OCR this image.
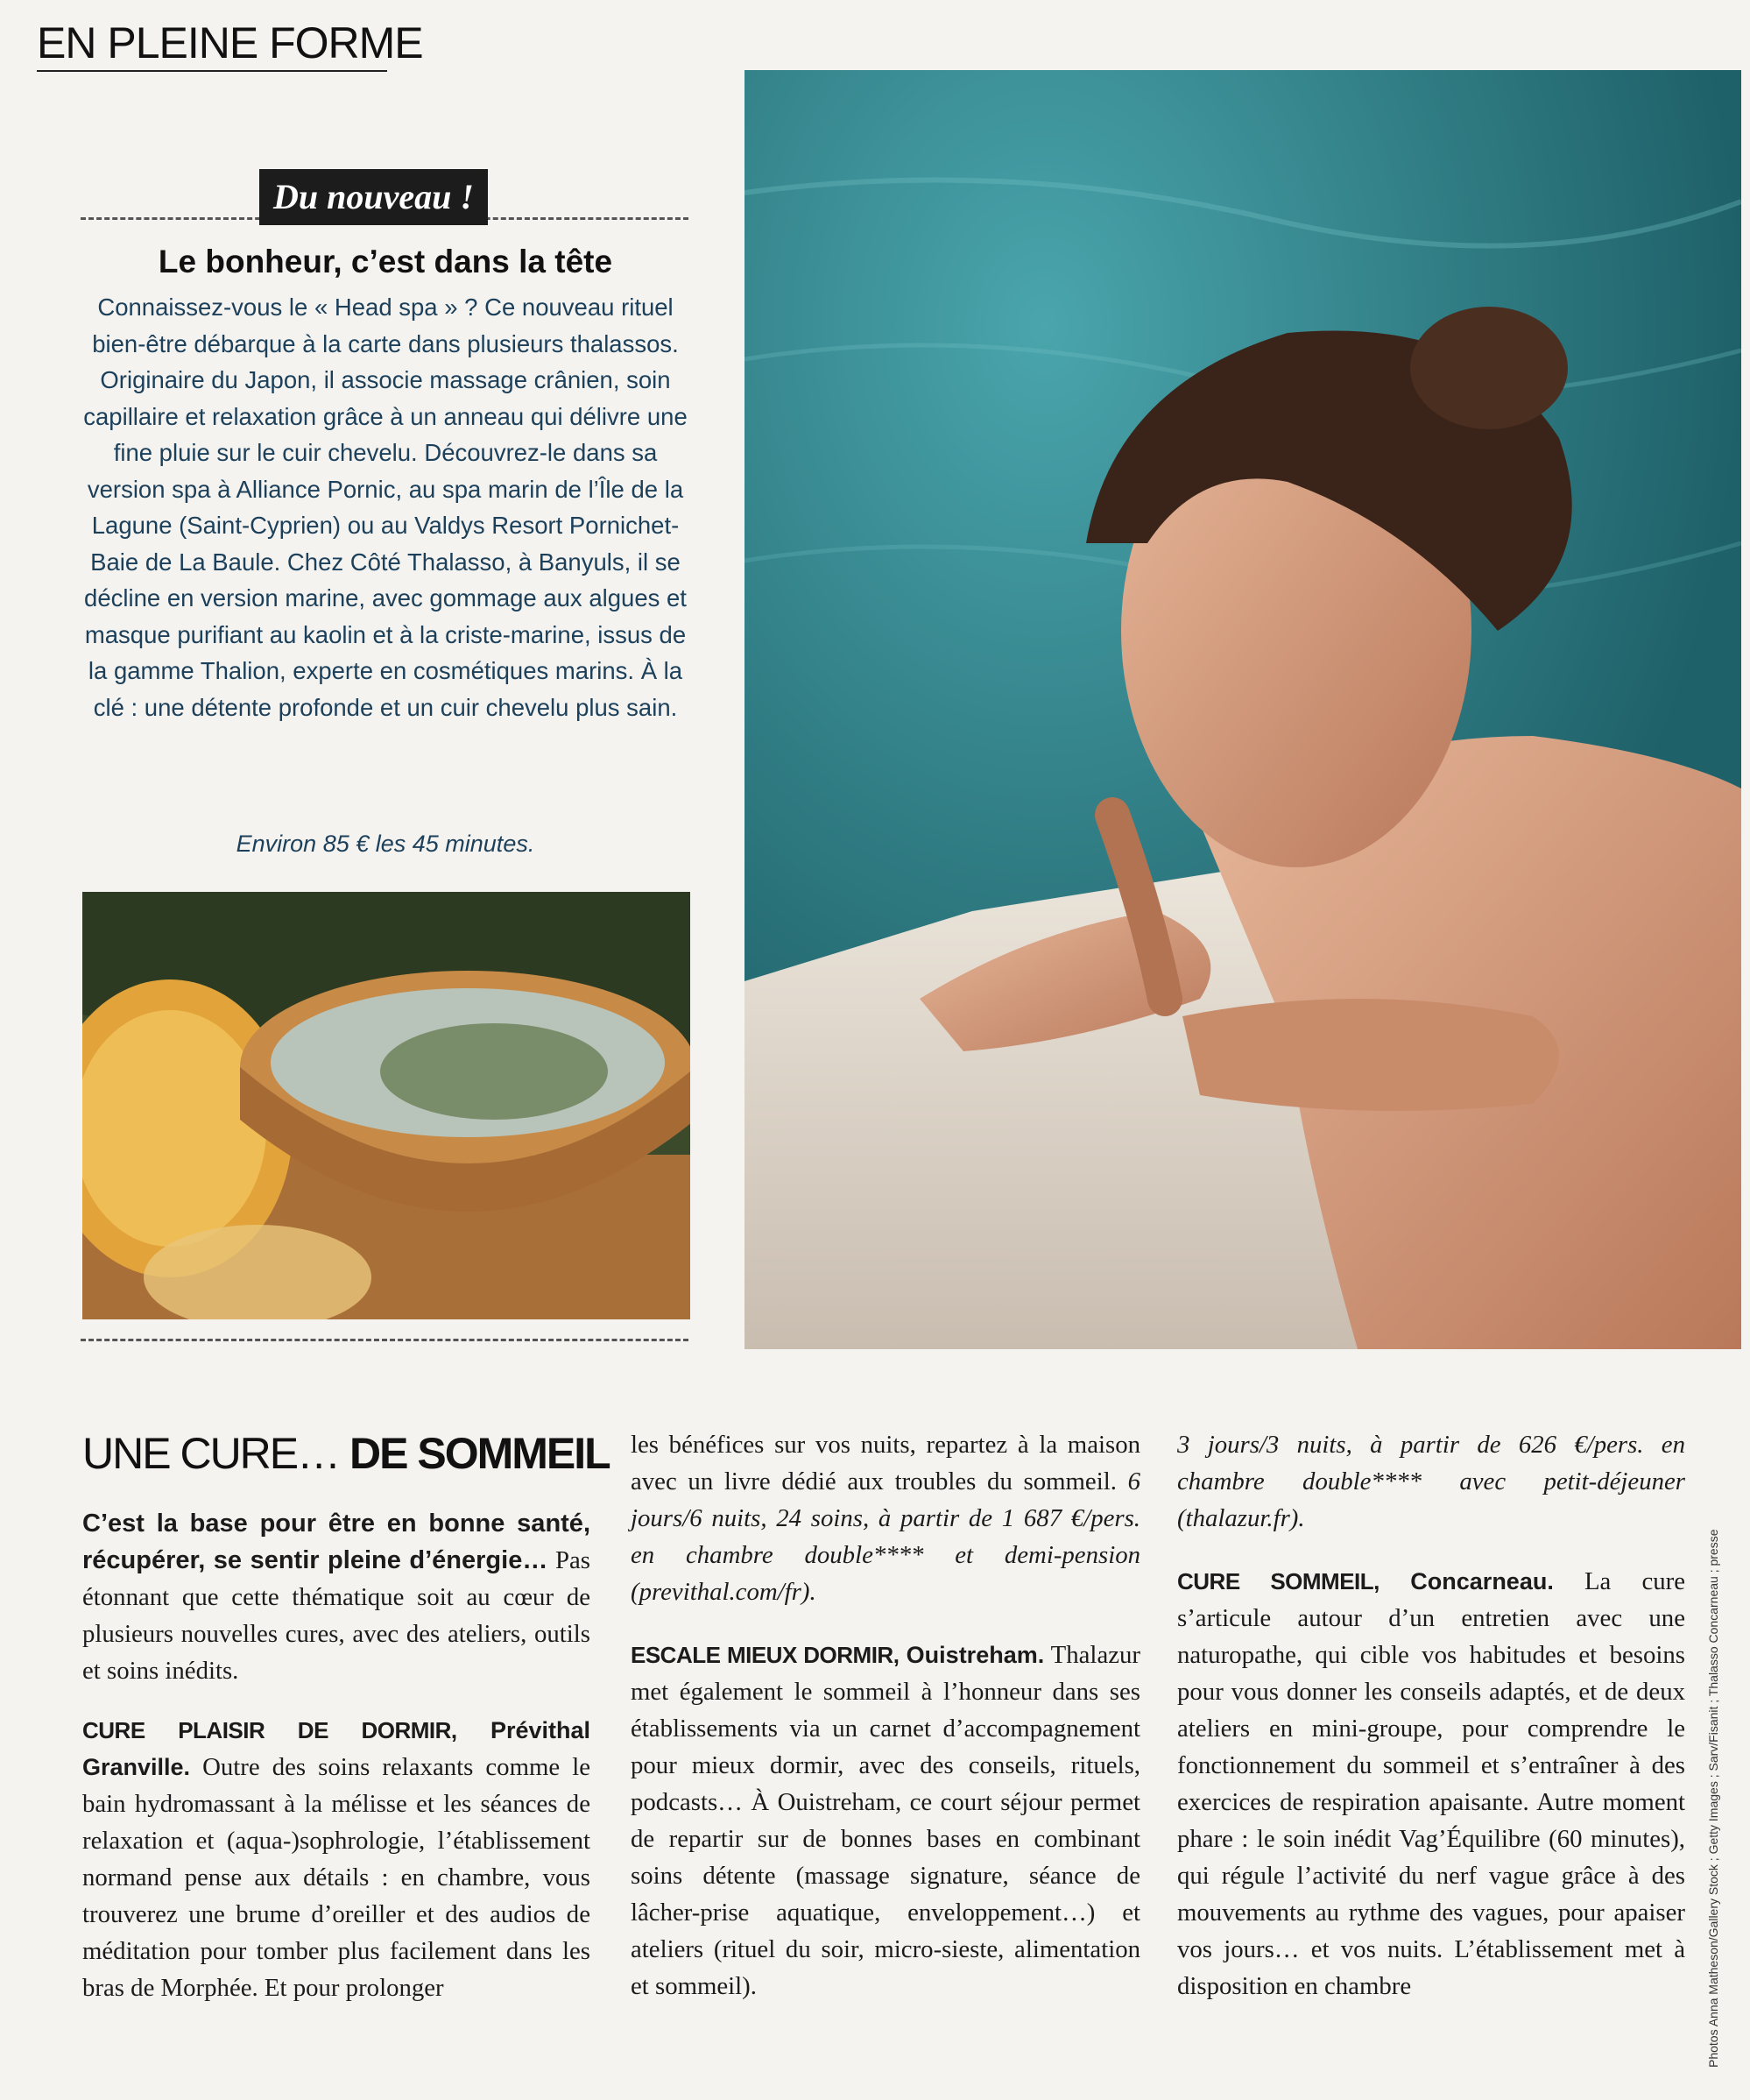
EN PLEINE FORME
Du nouveau !
Le bonheur, c’est dans la tête
Connaissez-vous le « Head spa » ? Ce nouveau rituel bien-être débarque à la carte dans plusieurs thalassos. Originaire du Japon, il associe massage crânien, soin capillaire et relaxation grâce à un anneau qui délivre une fine pluie sur le cuir chevelu. Découvrez-le dans sa version spa à Alliance Pornic, au spa marin de l’Île de la Lagune (Saint-Cyprien) ou au Valdys Resort Pornichet-Baie de La Baule. Chez Côté Thalasso, à Banyuls, il se décline en version marine, avec gommage aux algues et masque purifiant au kaolin et à la criste-marine, issus de la gamme Thalion, experte en cosmétiques marins. À la clé : une détente profonde et un cuir chevelu plus sain.
Environ 85 € les 45 minutes.
UNE CURE… DE SOMMEIL

C’est la base pour être en bonne santé, récupérer, se sentir pleine d’énergie… Pas étonnant que cette thématique soit au cœur de plusieurs nouvelles cures, avec des ateliers, outils et soins inédits.

CURE PLAISIR DE DORMIR, Prévithal Granville. Outre des soins relaxants comme le bain hydromassant à la mélisse et les séances de relaxation et (aqua-)sophrologie, l’établissement normand pense aux détails : en chambre, vous trouverez une brume d’oreiller et des audios de méditation pour tomber plus facilement dans les bras de Morphée. Et pour prolonger

les bénéfices sur vos nuits, repartez à la maison avec un livre dédié aux troubles du sommeil. 6 jours/6 nuits, 24 soins, à partir de 1 687 €/pers. en chambre double**** et demi-pension (previthal.com/fr).

ESCALE MIEUX DORMIR, Ouistreham. Thalazur met également le sommeil à l’honneur dans ses établissements via un carnet d’accompagnement pour mieux dormir, avec des conseils, rituels, podcasts… À Ouistreham, ce court séjour permet de repartir sur de bonnes bases en combinant soins détente (massage signature, séance de lâcher-prise aquatique, enveloppement…) et ateliers (rituel du soir, micro-sieste, alimentation et sommeil).

3 jours/3 nuits, à partir de 626 €/pers. en chambre double**** avec petit-déjeuner (thalazur.fr).

CURE SOMMEIL, Concarneau. La cure s’articule autour d’un entretien avec une naturopathe, qui cible vos habitudes et besoins pour vous donner les conseils adaptés, et de deux ateliers en mini-groupe, pour comprendre le fonctionnement du sommeil et s’entraîner à des exercices de respiration apaisante. Autre moment phare : le soin inédit Vag’Équilibre (60 minutes), qui régule l’activité du nerf vague grâce à des mouvements au rythme des vagues, pour apaiser vos jours… et vos nuits. L’établissement met à disposition en chambre	Photos Anna Matheson/Gallery Stock ; Getty Images ; Sarv/Fisanit ; Thalasso Concarneau ; presse
